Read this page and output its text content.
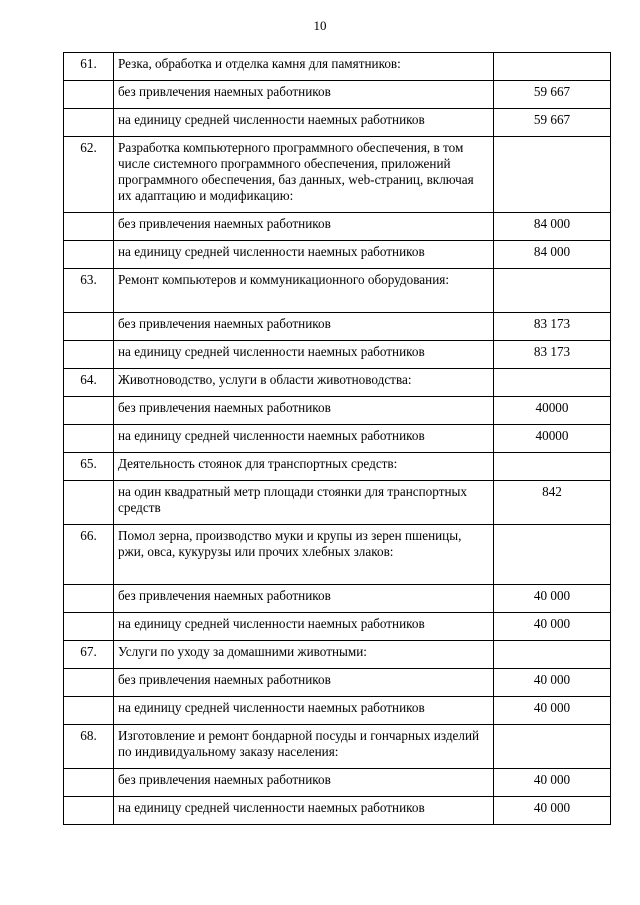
10
61.	Резка, обработка и отделка камня для памятников:	
	без привлечения наемных работников	59 667
	на единицу средней численности наемных работников	59 667
62.	Разработка компьютерного программного обеспечения, в том числе системного программного обеспечения, приложений программного обеспечения, баз данных, web-страниц, включая их адаптацию и модификацию:	
	без привлечения наемных работников	84 000
	на единицу средней численности наемных работников	84 000
63.	Ремонт компьютеров и коммуникационного оборудования:	
	без привлечения наемных работников	83 173
	на единицу средней численности наемных работников	83 173
64.	Животноводство, услуги в области животноводства:	
	без привлечения наемных работников	40000
	на единицу средней численности наемных работников	40000
65.	Деятельность стоянок для транспортных средств:	
	на один квадратный метр площади стоянки для транспортных средств	842
66.	Помол зерна, производство муки и крупы из зерен пшеницы, ржи, овса, кукурузы или прочих хлебных злаков:	
	без привлечения наемных работников	40 000
	на единицу средней численности наемных работников	40 000
67.	Услуги по уходу за домашними животными:	
	без привлечения наемных работников	40 000
	на единицу средней численности наемных работников	40 000
68.	Изготовление и ремонт бондарной посуды и гончарных изделий по индивидуальному заказу населения:	
	без привлечения наемных работников	40 000
	на единицу средней численности наемных работников	40 000
